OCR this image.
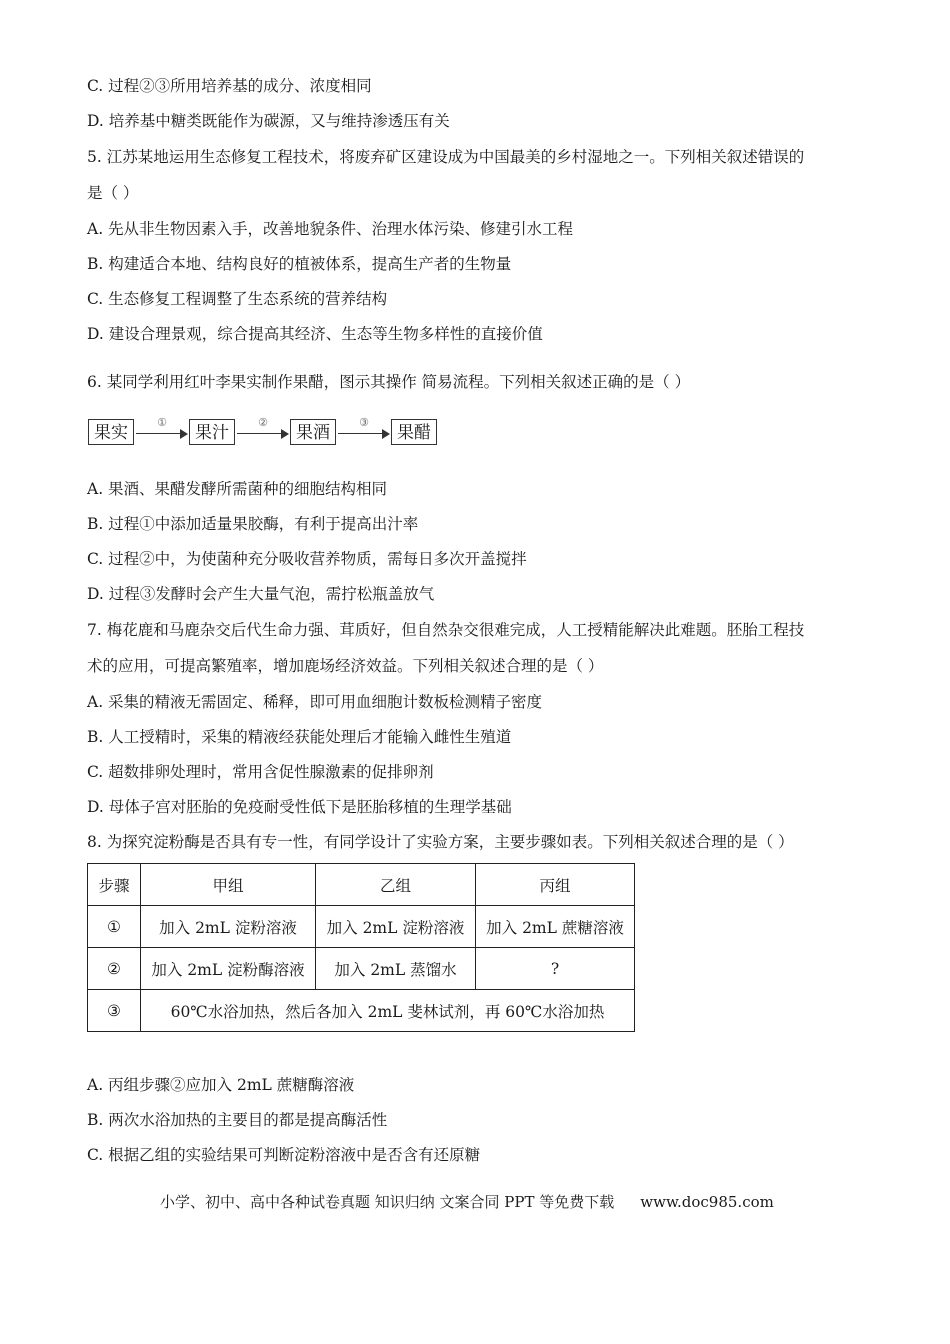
C. 过程②③所用培养基的成分、浓度相同
D. 培养基中糖类既能作为碳源，又与维持渗透压有关
5. 江苏某地运用生态修复工程技术，将废弃矿区建设成为中国最美的乡村湿地之一。下列相关叙述错误的
是（ ）
A. 先从非生物因素入手，改善地貌条件、治理水体污染、修建引水工程
B. 构建适合本地、结构良好的植被体系，提高生产者的生物量
C. 生态修复工程调整了生态系统的营养结构
D. 建设合理景观，综合提高其经济、生态等生物多样性的直接价值
6. 某同学利用红叶李果实制作果醋，图示其操作 简易流程。下列相关叙述正确的是（ ）
果实
①
果汁
②
果酒
③
果醋
A. 果酒、果醋发酵所需菌种的细胞结构相同
B. 过程①中添加适量果胶酶，有利于提高出汁率
C. 过程②中，为使菌种充分吸收营养物质，需每日多次开盖搅拌
D. 过程③发酵时会产生大量气泡，需拧松瓶盖放气
7. 梅花鹿和马鹿杂交后代生命力强、茸质好，但自然杂交很难完成，人工授精能解决此难题。胚胎工程技
术的应用，可提高繁殖率，增加鹿场经济效益。下列相关叙述合理的是（ ）
A. 采集的精液无需固定、稀释，即可用血细胞计数板检测精子密度
B. 人工授精时，采集的精液经获能处理后才能输入雌性生殖道
C. 超数排卵处理时，常用含促性腺激素的促排卵剂
D. 母体子宫对胚胎的免疫耐受性低下是胚胎移植的生理学基础
8. 为探究淀粉酶是否具有专一性，有同学设计了实验方案，主要步骤如表。下列相关叙述合理的是（ ）
步骤	甲组	乙组	丙组
①	加入 2mL 淀粉溶液	加入 2mL 淀粉溶液	加入 2mL 蔗糖溶液
②	加入 2mL 淀粉酶溶液	加入 2mL 蒸馏水	?
③	60℃水浴加热，然后各加入 2mL 斐林试剂，再 60℃水浴加热		
A. 丙组步骤②应加入 2mL 蔗糖酶溶液
B. 两次水浴加热的主要目的都是提高酶活性
C. 根据乙组的实验结果可判断淀粉溶液中是否含有还原糖
小学、初中、高中各种试卷真题 知识归纳 文案合同 PPT 等免费下载 www.doc985.com
